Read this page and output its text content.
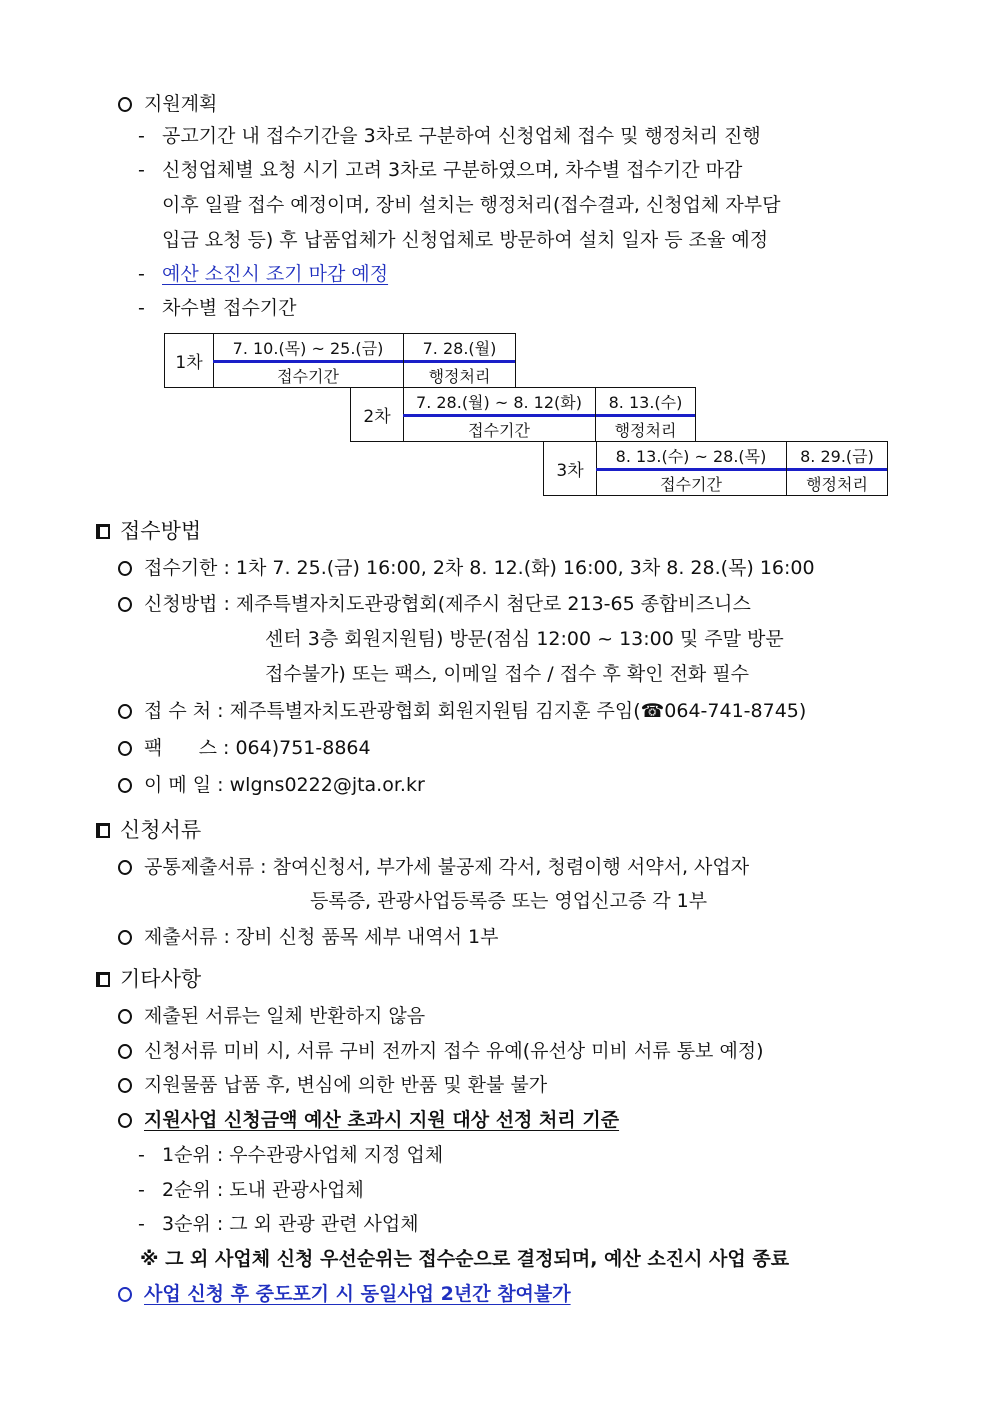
지원계획
- 공고기간 내 접수기간을 3차로 구분하여 신청업체 접수 및 행정처리 진행
- 신청업체별 요청 시기 고려 3차로 구분하였으며, 차수별 접수기간 마감
이후 일괄 접수 예정이며, 장비 설치는 행정처리(접수결과, 신청업체 자부담
입금 요청 등) 후 납품업체가 신청업체로 방문하여 설치 일자 등 조율 예정
- 예산 소진시 조기 마감 예정
- 차수별 접수기간
1차
7. 10.(목) ~ 25.(금)	7. 28.(월)
접수기간	행정처리
2차
7. 28.(월) ~ 8. 12(화)	8. 13.(수)
접수기간	행정처리
3차
8. 13.(수) ~ 28.(목)	8. 29.(금)
접수기간	행정처리
접수방법
접수기한 : 1차 7. 25.(금) 16:00, 2차 8. 12.(화) 16:00, 3차 8. 28.(목) 16:00
신청방법 : 제주특별자치도관광협회(제주시 첨단로 213-65 종합비즈니스
센터 3층 회원지원팀) 방문(점심 12:00 ~ 13:00 및 주말 방문
접수불가) 또는 팩스, 이메일 접수 / 접수 후 확인 전화 필수
접 수 처 : 제주특별자치도관광협회 회원지원팀 김지훈 주임(☎064-741-8745)
팩      스 : 064)751-8864
이 메 일 : wlgns0222@jta.or.kr
신청서류
공통제출서류 : 참여신청서, 부가세 불공제 각서, 청렴이행 서약서, 사업자
등록증, 관광사업등록증 또는 영업신고증 각 1부
제출서류 : 장비 신청 품목 세부 내역서 1부
기타사항
제출된 서류는 일체 반환하지 않음
신청서류 미비 시, 서류 구비 전까지 접수 유예(유선상 미비 서류 통보 예정)
지원물품 납품 후, 변심에 의한 반품 및 환불 불가
지원사업 신청금액 예산 초과시 지원 대상 선정 처리 기준
- 1순위 : 우수관광사업체 지정 업체
- 2순위 : 도내 관광사업체
- 3순위 : 그 외 관광 관련 사업체
※ 그 외 사업체 신청 우선순위는 접수순으로 결정되며, 예산 소진시 사업 종료
사업 신청 후 중도포기 시 동일사업 2년간 참여불가
